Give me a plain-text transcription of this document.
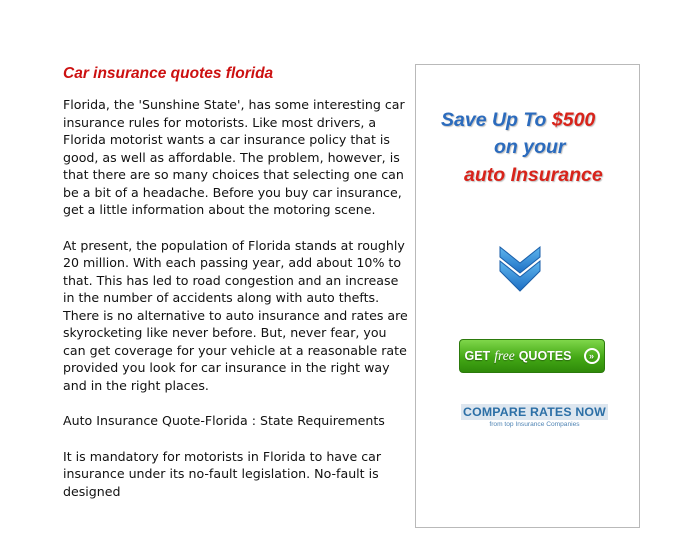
Car insurance quotes florida

Florida, the 'Sunshine State', has some interesting car insurance rules for motorists. Like most drivers, a Florida motorist wants a car insurance policy that is good, as well as affordable. The problem, however, is that there are so many choices that selecting one can be a bit of a headache. Before you buy car insurance, get a little information about the motoring scene.

At present, the population of Florida stands at roughly 20 million. With each passing year, add about 10% to that. This has led to road congestion and an increase in the number of accidents along with auto thefts. There is no alternative to auto insurance and rates are skyrocketing like never before. But, never fear, you can get coverage for your vehicle at a reasonable rate provided you look for car insurance in the right way and in the right places.

Auto Insurance Quote-Florida : State Requirements

It is mandatory for motorists in Florida to have car insurance under its no-fault legislation. No-fault is designed

Save Up To $500
on your
auto Insurance
GET free QUOTES	»
COMPARE RATES NOW
from top Insurance Companies
